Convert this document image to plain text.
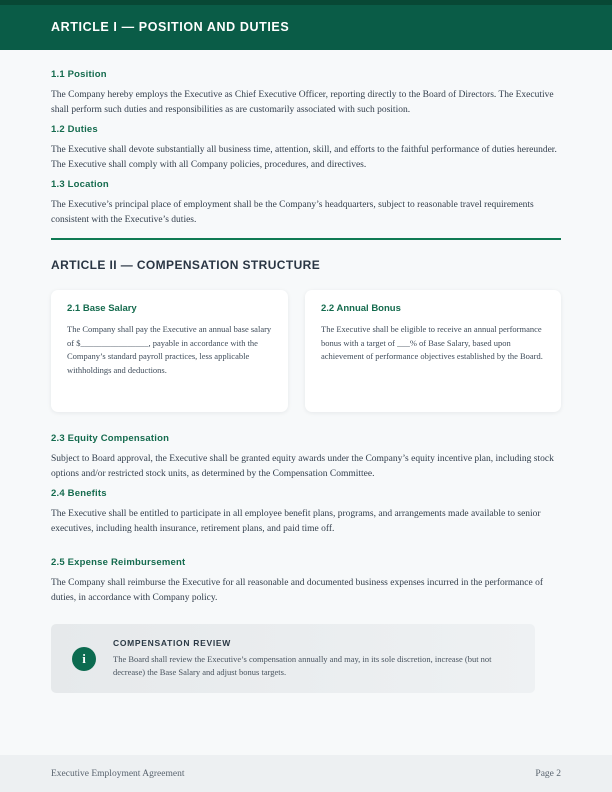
ARTICLE I — POSITION AND DUTIES
1.1 Position

The Company hereby employs the Executive as Chief Executive Officer, reporting directly to the Board of Directors. The Executive shall perform such duties and responsibilities as are customarily associated with such position.

1.2 Duties

The Executive shall devote substantially all business time, attention, skill, and efforts to the faithful performance of duties hereunder. The Executive shall comply with all Company policies, procedures, and directives.

1.3 Location

The Executive’s principal place of employment shall be the Company’s headquarters, subject to reasonable travel requirements consistent with the Executive’s duties.

ARTICLE II — COMPENSATION STRUCTURE
2.1 Base Salary

The Company shall pay the Executive an annual base salary of $________________, payable in accordance with the Company’s standard payroll practices, less applicable withholdings and deductions.

2.2 Annual Bonus

The Executive shall be eligible to receive an annual performance bonus with a target of ___% of Base Salary, based upon achievement of performance objectives established by the Board.

2.3 Equity Compensation

Subject to Board approval, the Executive shall be granted equity awards under the Company’s equity incentive plan, including stock options and/or restricted stock units, as determined by the Compensation Committee.

2.4 Benefits

The Executive shall be entitled to participate in all employee benefit plans, programs, and arrangements made available to senior executives, including health insurance, retirement plans, and paid time off.

2.5 Expense Reimbursement

The Company shall reimburse the Executive for all reasonable and documented business expenses incurred in the performance of duties, in accordance with Company policy.

i
COMPENSATION REVIEW

The Board shall review the Executive’s compensation annually and may, in its sole discretion, increase (but not decrease) the Base Salary and adjust bonus targets.

Executive Employment Agreement	Page 2
